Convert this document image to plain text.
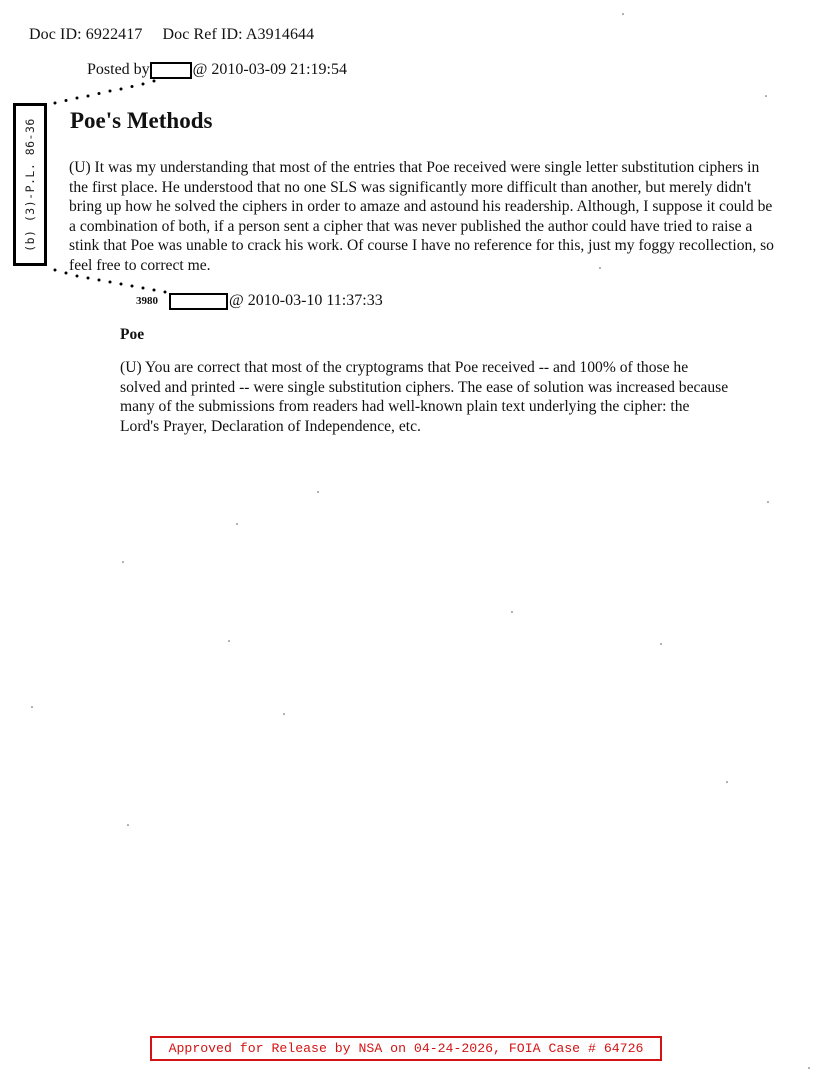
Doc ID: 6922417 Doc Ref ID: A3914644
Posted by	@ 2010-03-09 21:19:54
(b) (3)-P.L. 86-36 Poe's Methods

(U) It was my understanding that most of the entries that Poe received were single letter substitution ciphers in the first place. He understood that no one SLS was significantly more difficult than another, but merely didn't bring up how he solved the ciphers in order to amaze and astound his readership. Although, I suppose it could be a combination of both, if a person sent a cipher that was never published the author could have tried to raise a stink that Poe was unable to crack his work. Of course I have no reference for this, just my foggy recollection, so feel free to correct me.

3980	@ 2010-03-10 11:37:33
Poe

(U) You are correct that most of the cryptograms that Poe received -- and 100% of those he solved and printed -- were single substitution ciphers. The ease of solution was increased because many of the submissions from readers had well-known plain text underlying the cipher: the Lord's Prayer, Declaration of Independence, etc.

Approved for Release by NSA on 04-24-2026, FOIA Case # 64726
